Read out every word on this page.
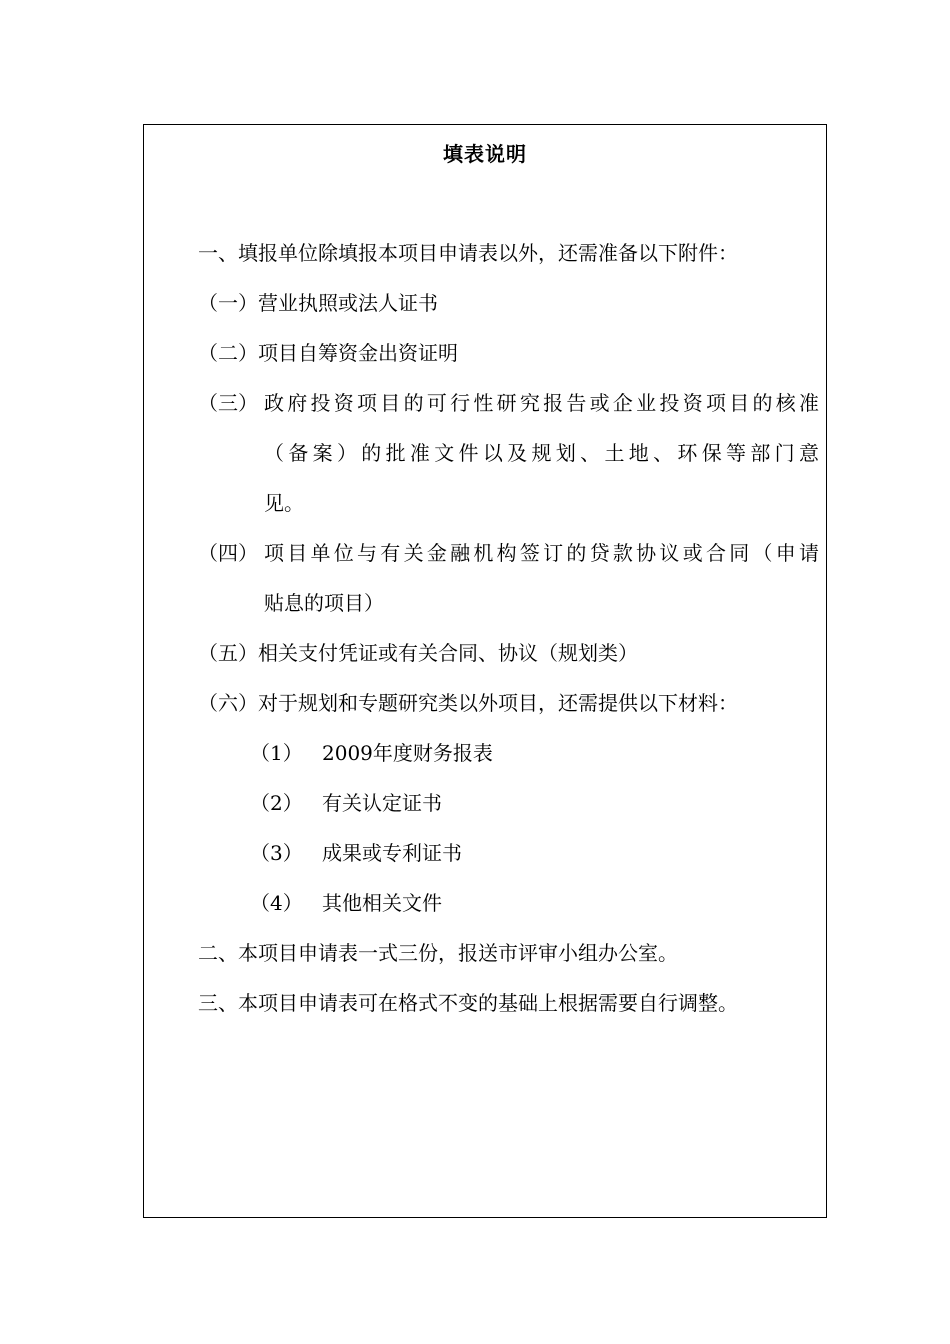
填表说明
一、填报单位除填报本项目申请表以外，还需准备以下附件：
（一）营业执照或法人证书
（二）项目自筹资金出资证明
（三） 政府投资项目的可行性研究报告或企业投资项目的核准
（备案）的批准文件以及规划、土地、环保等部门意
见。
（四） 项目单位与有关金融机构签订的贷款协议或合同（申请
贴息的项目）
（五）相关支付凭证或有关合同、协议（规划类）
（六）对于规划和专题研究类以外项目，还需提供以下材料：
（1） 2009年度财务报表
（2） 有关认定证书
（3） 成果或专利证书
（4） 其他相关文件
二、本项目申请表一式三份，报送市评审小组办公室。
三、本项目申请表可在格式不变的基础上根据需要自行调整。
